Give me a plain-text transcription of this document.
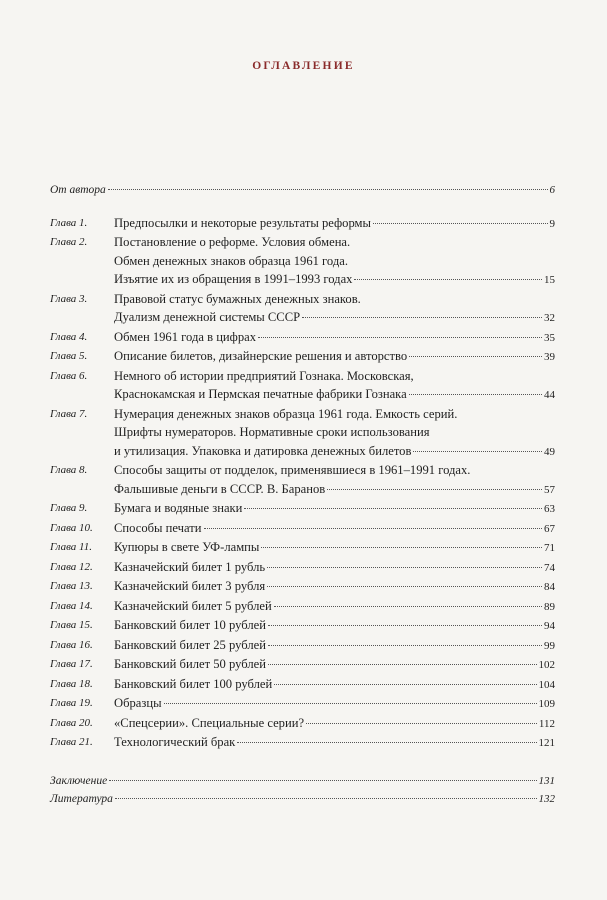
ОГЛАВЛЕНИЕ
От автора	6
Глава 1. Предпосылки и некоторые результаты реформы	9
Глава 2. Постановление о реформе. Условия обмена.
Обмен денежных знаков образца 1961 года.
Изъятие их из обращения в 1991–1993 годах	15
Глава 3. Правовой статус бумажных денежных знаков.
Дуализм денежной системы СССР	32
Глава 4. Обмен 1961 года в цифрах	35
Глава 5. Описание билетов, дизайнерские решения и авторство	39
Глава 6. Немного об истории предприятий Гознака. Московская,
Краснокамская и Пермская печатные фабрики Гознака	44
Глава 7. Нумерация денежных знаков образца 1961 года. Емкость серий.
Шрифты нумераторов. Нормативные сроки использования
и утилизация. Упаковка и датировка денежных билетов	49
Глава 8. Способы защиты от подделок, применявшиеся в 1961–1991 годах.
Фальшивые деньги в СССР. В. Баранов	57
Глава 9. Бумага и водяные знаки	63
Глава 10. Способы печати	67
Глава 11. Купюры в свете УФ-лампы	71
Глава 12. Казначейский билет 1 рубль	74
Глава 13. Казначейский билет 3 рубля	84
Глава 14. Казначейский билет 5 рублей	89
Глава 15. Банковский билет 10 рублей	94
Глава 16. Банковский билет 25 рублей	99
Глава 17. Банковский билет 50 рублей	102
Глава 18. Банковский билет 100 рублей	104
Глава 19. Образцы	109
Глава 20. «Спецсерии». Специальные серии?	112
Глава 21. Технологический брак	121
Заключение	131
Литература	132
